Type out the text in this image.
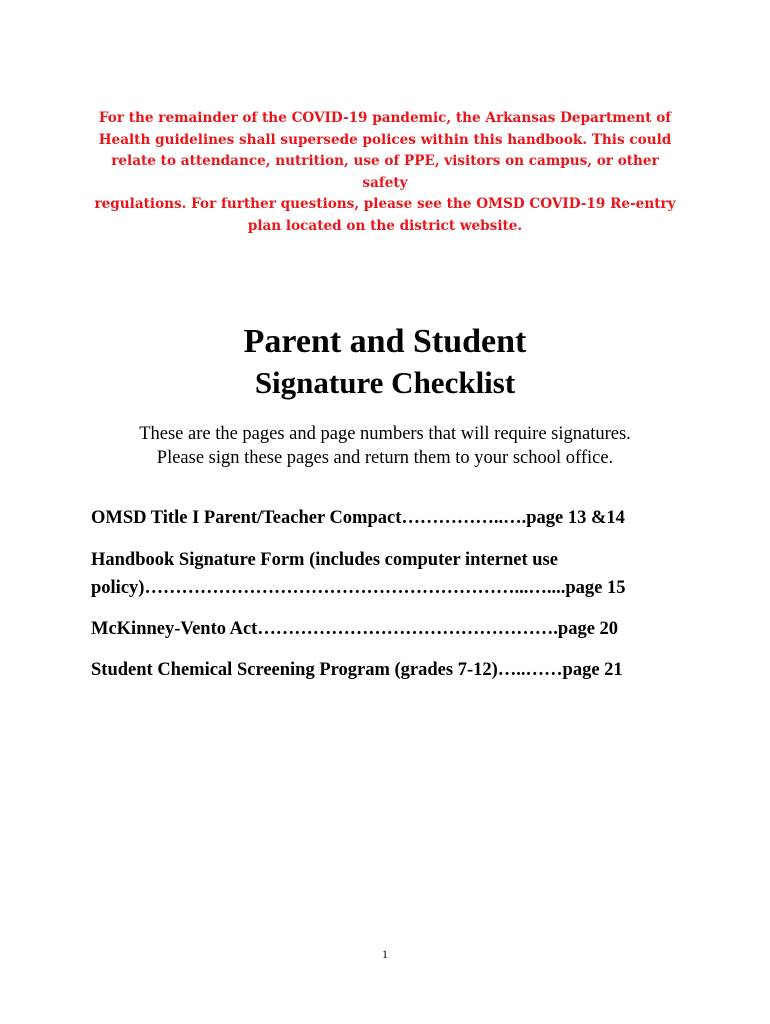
For the remainder of the COVID-19 pandemic, the Arkansas Department of
Health guidelines shall supersede polices within this handbook. This could
relate to attendance, nutrition, use of PPE, visitors on campus, or other safety
regulations. For further questions, please see the OMSD COVID-19 Re-entry
plan located on the district website.
Parent and Student
Signature Checklist
These are the pages and page numbers that will require signatures.
Please sign these pages and return them to your school office.
OMSD Title I Parent/Teacher Compact……………..….page 13 &14
Handbook Signature Form (includes computer internet use
policy)……………………………………………………...…....page 15
McKinney-Vento Act………………………………………….page 20
Student Chemical Screening Program (grades 7-12)…..……page 21
1
